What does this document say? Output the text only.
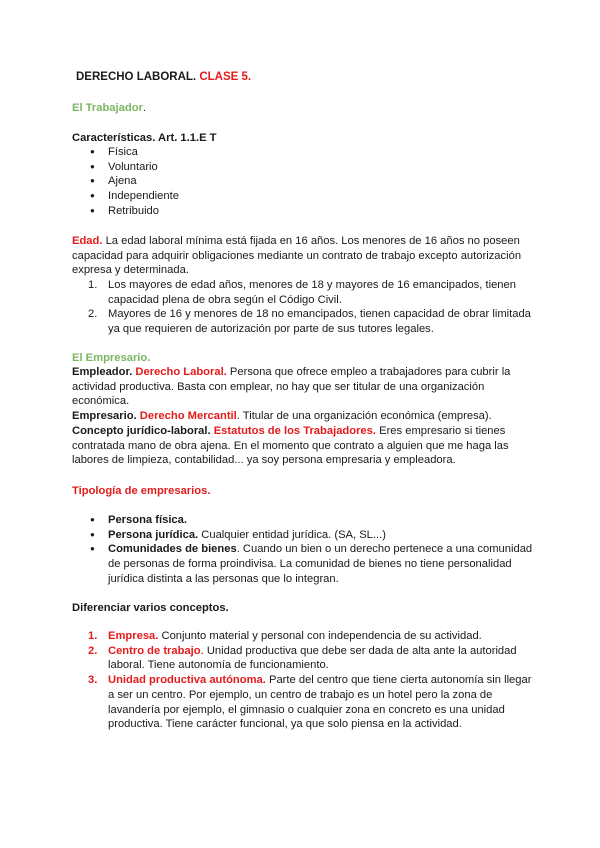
DERECHO LABORAL. CLASE 5.

El Trabajador.

Características. Art. 1.1.E T

● Física
● Voluntario
● Ajena
● Independiente
● Retribuido

Edad. La edad laboral mínima está fijada en 16 años. Los menores de 16 años no poseen capacidad para adquirir obligaciones mediante un contrato de trabajo excepto autorización expresa y determinada.

1. Los mayores de edad años, menores de 18 y mayores de 16 emancipados, tienen capacidad plena de obra según el Código Civil.
2. Mayores de 16 y menores de 18 no emancipados, tienen capacidad de obrar limitada ya que requieren de autorización por parte de sus tutores legales.

El Empresario.

Empleador. Derecho Laboral. Persona que ofrece empleo a trabajadores para cubrir la actividad productiva. Basta con emplear, no hay que ser titular de una organización económica.

Empresario. Derecho Mercantil. Titular de una organización económica (empresa).

Concepto jurídico-laboral. Estatutos de los Trabajadores. Eres empresario si tienes contratada mano de obra ajena. En el momento que contrato a alguien que me haga las labores de limpieza, contabilidad... ya soy persona empresaria y empleadora.

Tipología de empresarios.

● Persona física.
● Persona jurídica. Cualquier entidad jurídica. (SA, SL...)
● Comunidades de bienes. Cuando un bien o un derecho pertenece a una comunidad de personas de forma proindivisa. La comunidad de bienes no tiene personalidad jurídica distinta a las personas que lo integran.

Diferenciar varios conceptos.

1. Empresa. Conjunto material y personal con independencia de su actividad.
2. Centro de trabajo. Unidad productiva que debe ser dada de alta ante la autoridad laboral. Tiene autonomía de funcionamiento.
3. Unidad productiva autónoma. Parte del centro que tiene cierta autonomía sin llegar a ser un centro. Por ejemplo, un centro de trabajo es un hotel pero la zona de lavandería por ejemplo, el gimnasio o cualquier zona en concreto es una unidad productiva. Tiene carácter funcional, ya que solo piensa en la actividad.
